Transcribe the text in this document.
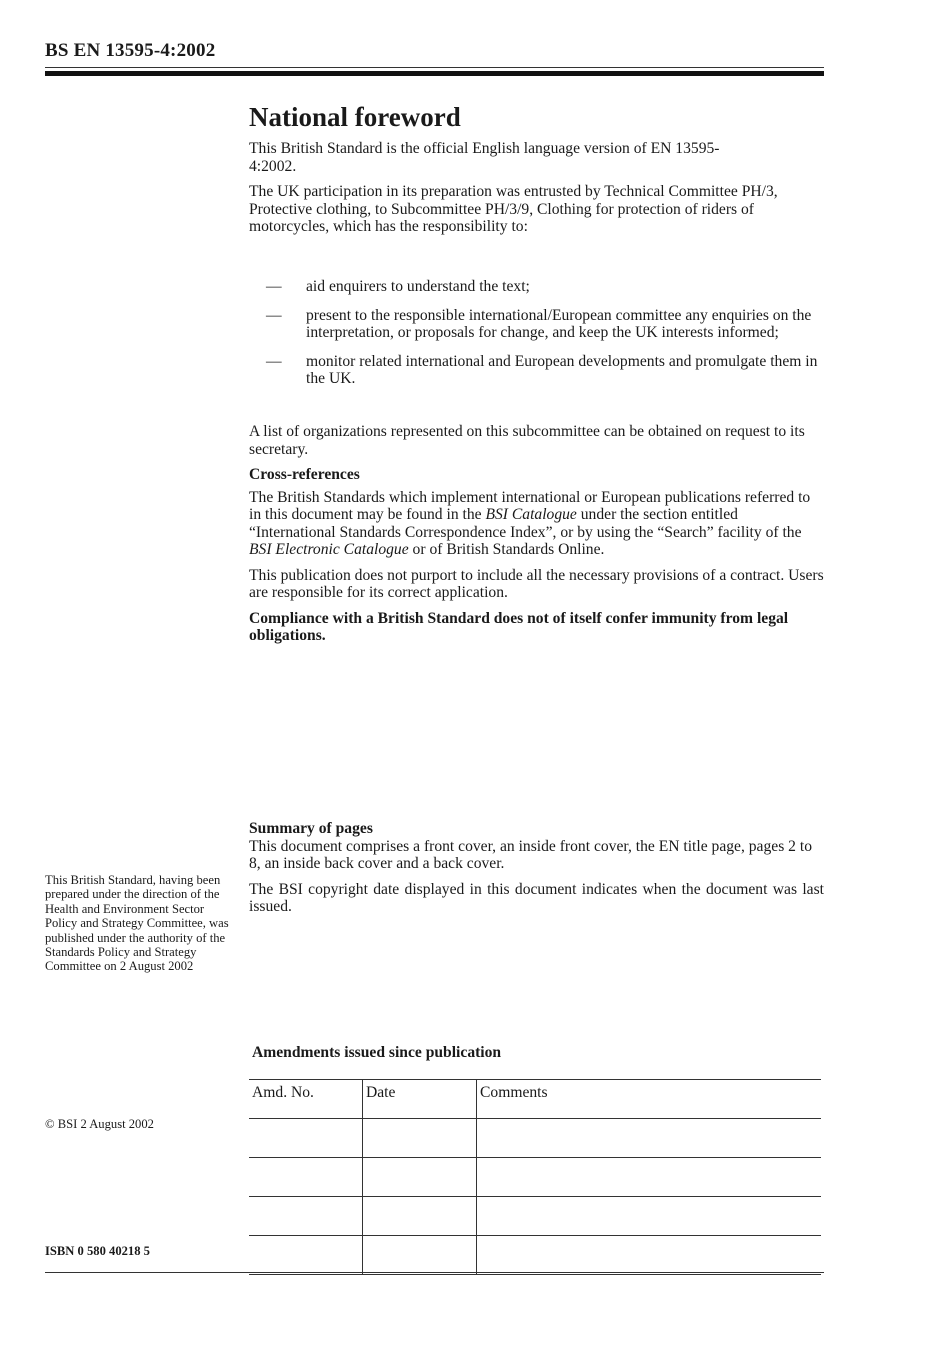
BS EN 13595-4:2002
National foreword

This British Standard is the official English language version of EN 13595-4:2002.

The UK participation in its preparation was entrusted by Technical Committee PH/3, Protective clothing, to Subcommittee PH/3/9, Clothing for protection of riders of motorcycles, which has the responsibility to:

—	aid enquirers to understand the text;
—	present to the responsible international/European committee any enquiries on the interpretation, or proposals for change, and keep the UK interests informed;
—	monitor related international and European developments and promulgate them in the UK.

A list of organizations represented on this subcommittee can be obtained on request to its secretary.

Cross-references

The British Standards which implement international or European publications referred to in this document may be found in the BSI Catalogue under the section entitled “International Standards Correspondence Index”, or by using the “Search” facility of the BSI Electronic Catalogue or of British Standards Online.

This publication does not purport to include all the necessary provisions of a contract. Users are responsible for its correct application.

Compliance with a British Standard does not of itself confer immunity from legal obligations.

Summary of pages

This document comprises a front cover, an inside front cover, the EN title page, pages 2 to 8, an inside back cover and a back cover.

The BSI copyright date displayed in this document indicates when the document was last issued.

This British Standard, having been prepared under the direction of the Health and Environment Sector Policy and Strategy Committee, was published under the authority of the Standards Policy and Strategy Committee on 2 August 2002
© BSI 2 August 2002
ISBN 0 580 40218 5
Amendments issued since publication
Amd. No.	Date	Comments
